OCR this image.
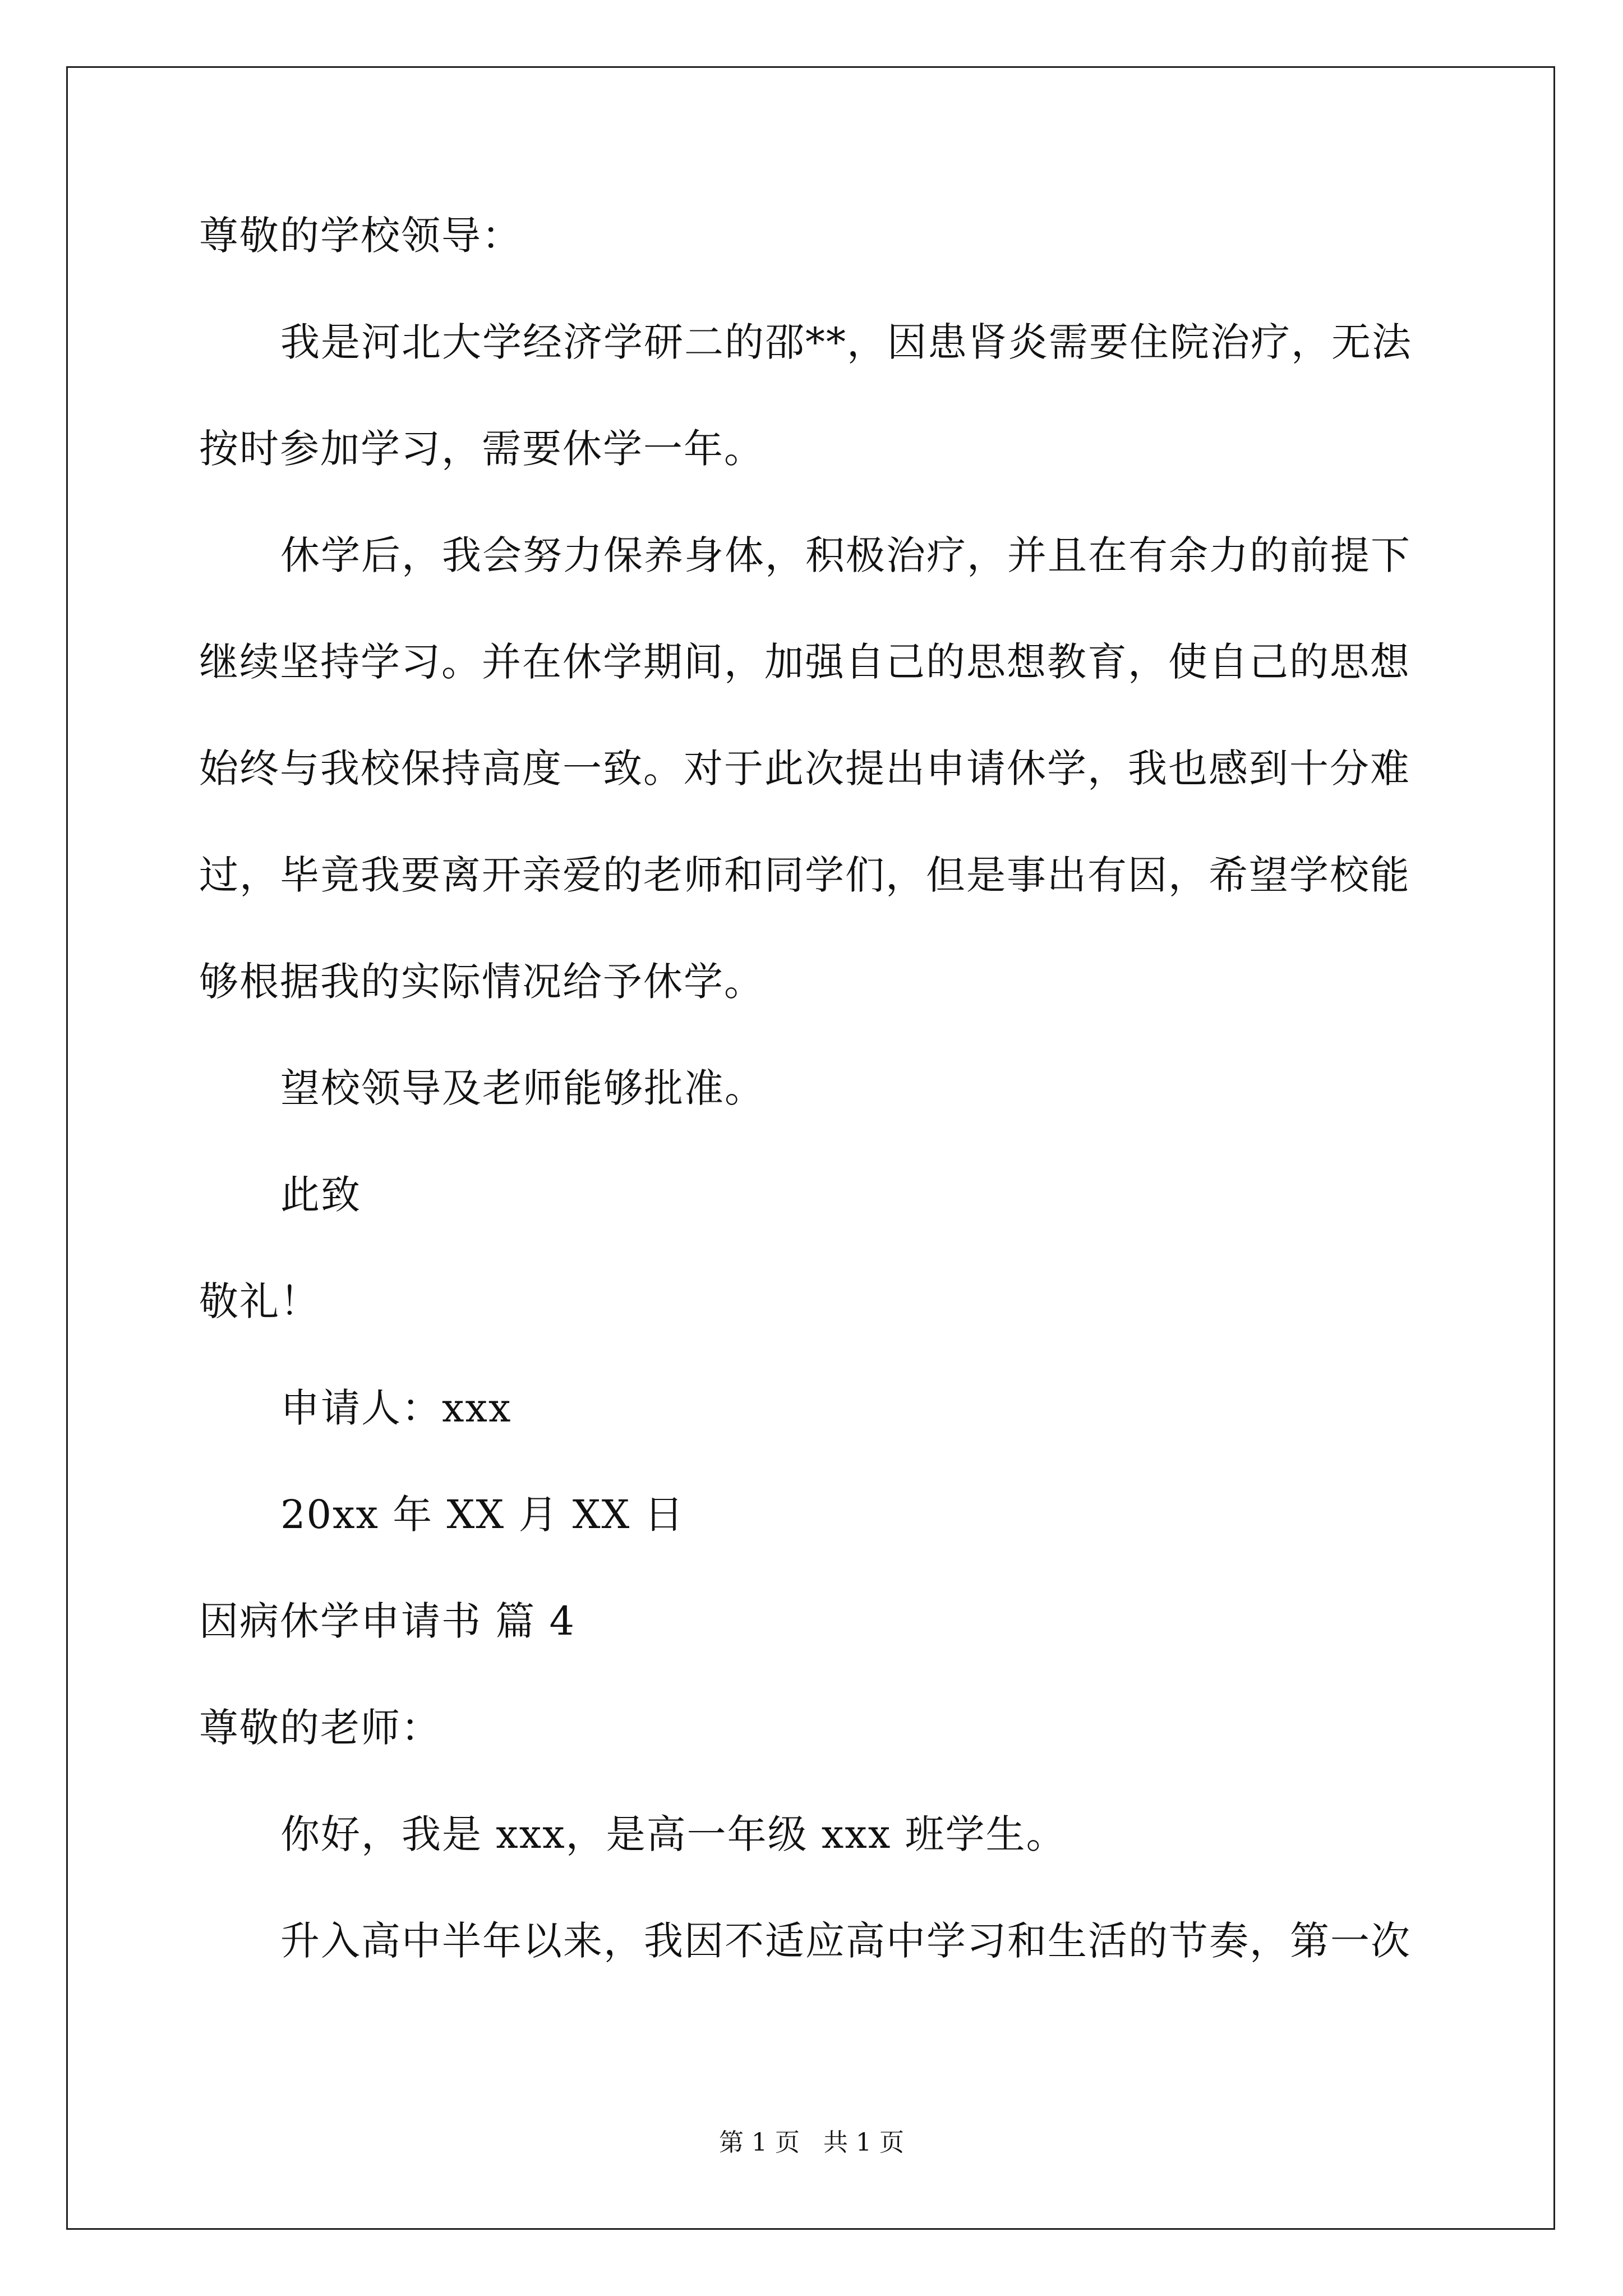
尊敬的学校领导：
我是河北大学经济学研二的邵**，因患肾炎需要住院治疗，无法
按时参加学习，需要休学一年。
休学后，我会努力保养身体，积极治疗，并且在有余力的前提下
继续坚持学习。并在休学期间，加强自己的思想教育，使自己的思想
始终与我校保持高度一致。对于此次提出申请休学，我也感到十分难
过，毕竟我要离开亲爱的老师和同学们，但是事出有因，希望学校能
够根据我的实际情况给予休学。
望校领导及老师能够批准。
此致
敬礼！
申请人：xxx
20xx 年 XX 月 XX 日
因病休学申请书 篇 4
尊敬的老师：
你好，我是 xxx，是高一年级 xxx 班学生。
升入高中半年以来，我因不适应高中学习和生活的节奏，第一次
第 1 页   共 1 页
